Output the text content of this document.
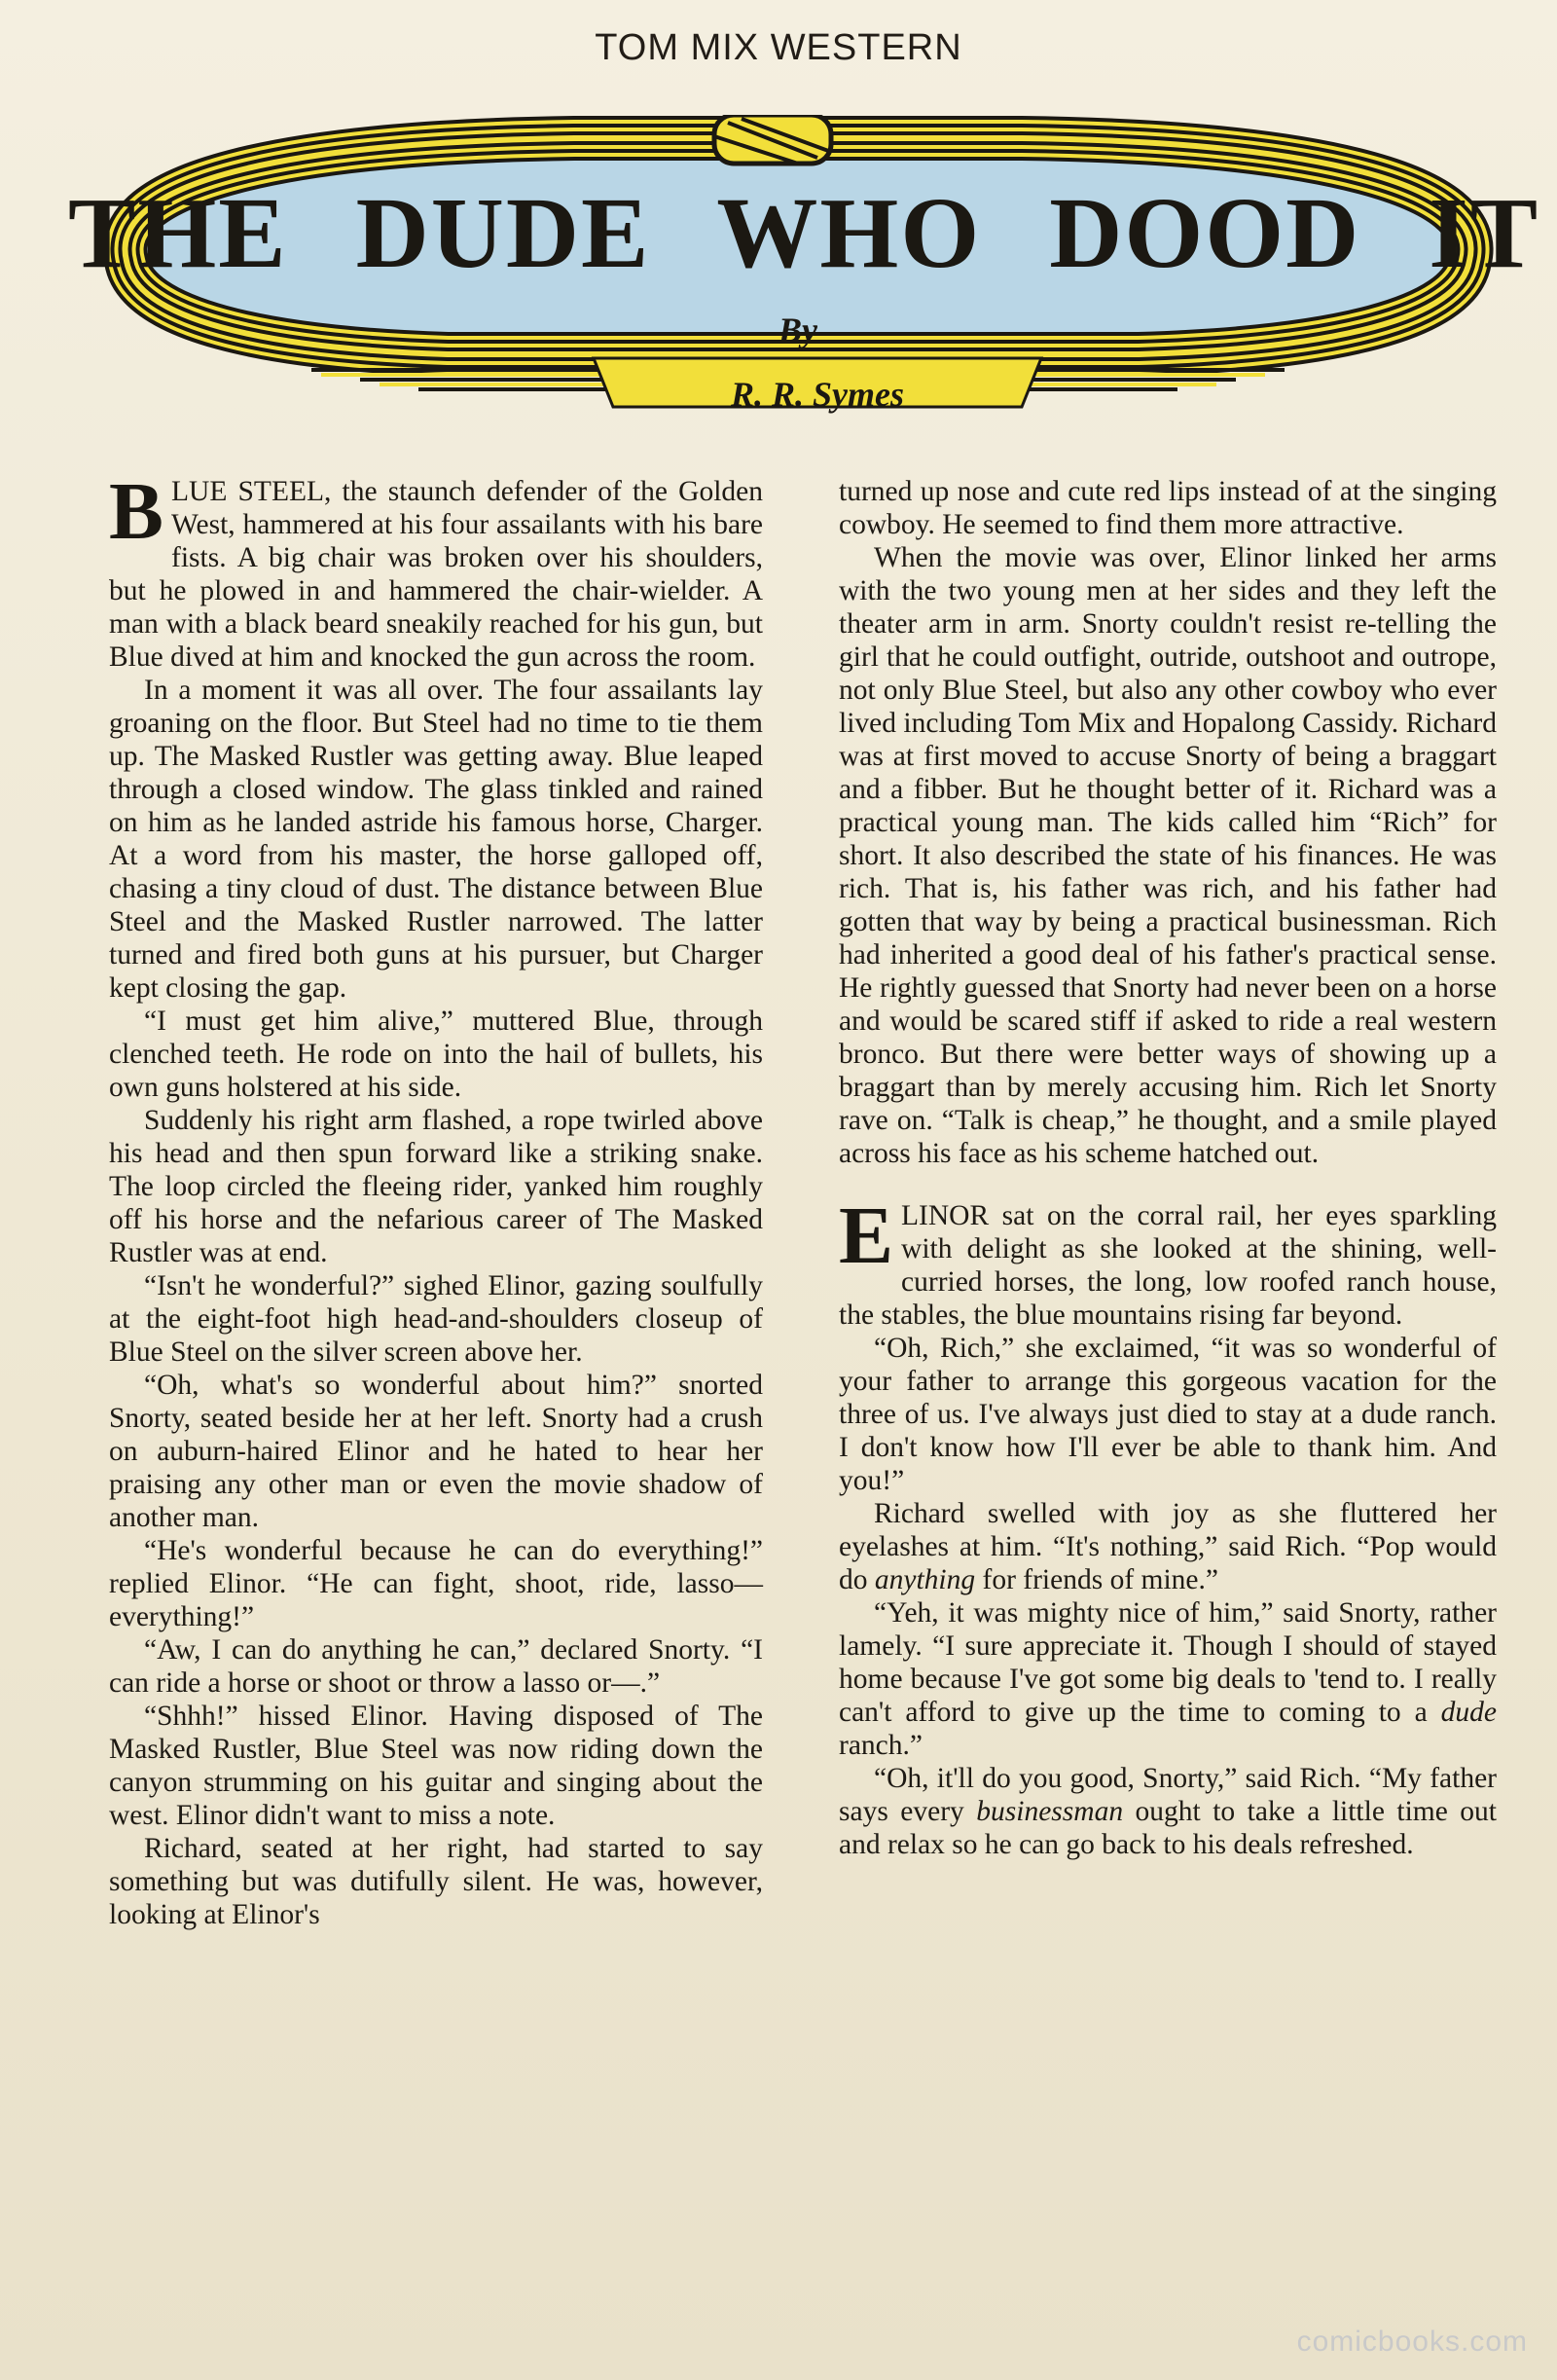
TOM MIX WESTERN
THE DUDE WHO DOOD IT
By
R. R. Symes

BLUE STEEL, the staunch defender of the Golden West, hammered at his four assailants with his bare fists. A big chair was broken over his shoulders, but he plowed in and hammered the chair-wielder. A man with a black beard sneakily reached for his gun, but Blue dived at him and knocked the gun across the room.

In a moment it was all over. The four assailants lay groaning on the floor. But Steel had no time to tie them up. The Masked Rustler was getting away. Blue leaped through a closed window. The glass tinkled and rained on him as he landed astride his famous horse, Charger. At a word from his master, the horse galloped off, chasing a tiny cloud of dust. The distance between Blue Steel and the Masked Rustler narrowed. The latter turned and fired both guns at his pursuer, but Charger kept closing the gap.

“I must get him alive,” muttered Blue, through clenched teeth. He rode on into the hail of bullets, his own guns holstered at his side.

Suddenly his right arm flashed, a rope twirled above his head and then spun forward like a striking snake. The loop circled the fleeing rider, yanked him roughly off his horse and the nefarious career of The Masked Rustler was at end.

“Isn't he wonderful?” sighed Elinor, gazing soulfully at the eight-foot high head-and-shoulders closeup of Blue Steel on the silver screen above her.

“Oh, what's so wonderful about him?” snorted Snorty, seated beside her at her left. Snorty had a crush on auburn-haired Elinor and he hated to hear her praising any other man or even the movie shadow of another man.

“He's wonderful because he can do everything!” replied Elinor. “He can fight, shoot, ride, lasso—everything!”

“Aw, I can do anything he can,” declared Snorty. “I can ride a horse or shoot or throw a lasso or—.”

“Shhh!” hissed Elinor. Having disposed of The Masked Rustler, Blue Steel was now riding down the canyon strumming on his guitar and singing about the west. Elinor didn't want to miss a note.

Richard, seated at her right, had started to say something but was dutifully silent. He was, however, looking at Elinor's

turned up nose and cute red lips instead of at the singing cowboy. He seemed to find them more attractive.

When the movie was over, Elinor linked her arms with the two young men at her sides and they left the theater arm in arm. Snorty couldn't resist re-telling the girl that he could outfight, outride, outshoot and outrope, not only Blue Steel, but also any other cowboy who ever lived including Tom Mix and Hopalong Cassidy. Richard was at first moved to accuse Snorty of being a braggart and a fibber. But he thought better of it. Richard was a practical young man. The kids called him “Rich” for short. It also described the state of his finances. He was rich. That is, his father was rich, and his father had gotten that way by being a practical businessman. Rich had inherited a good deal of his father's practical sense. He rightly guessed that Snorty had never been on a horse and would be scared stiff if asked to ride a real western bronco. But there were better ways of showing up a braggart than by merely accusing him. Rich let Snorty rave on. “Talk is cheap,” he thought, and a smile played across his face as his scheme hatched out.

ELINOR sat on the corral rail, her eyes sparkling with delight as she looked at the shining, well-curried horses, the long, low roofed ranch house, the stables, the blue mountains rising far beyond.

“Oh, Rich,” she exclaimed, “it was so wonderful of your father to arrange this gorgeous vacation for the three of us. I've always just died to stay at a dude ranch. I don't know how I'll ever be able to thank him. And you!”

Richard swelled with joy as she fluttered her eyelashes at him. “It's nothing,” said Rich. “Pop would do anything for friends of mine.”

“Yeh, it was mighty nice of him,” said Snorty, rather lamely. “I sure appreciate it. Though I should of stayed home because I've got some big deals to 'tend to. I really can't afford to give up the time to coming to a dude ranch.”

“Oh, it'll do you good, Snorty,” said Rich. “My father says every businessman ought to take a little time out and relax so he can go back to his deals refreshed.

comicbooks.com
